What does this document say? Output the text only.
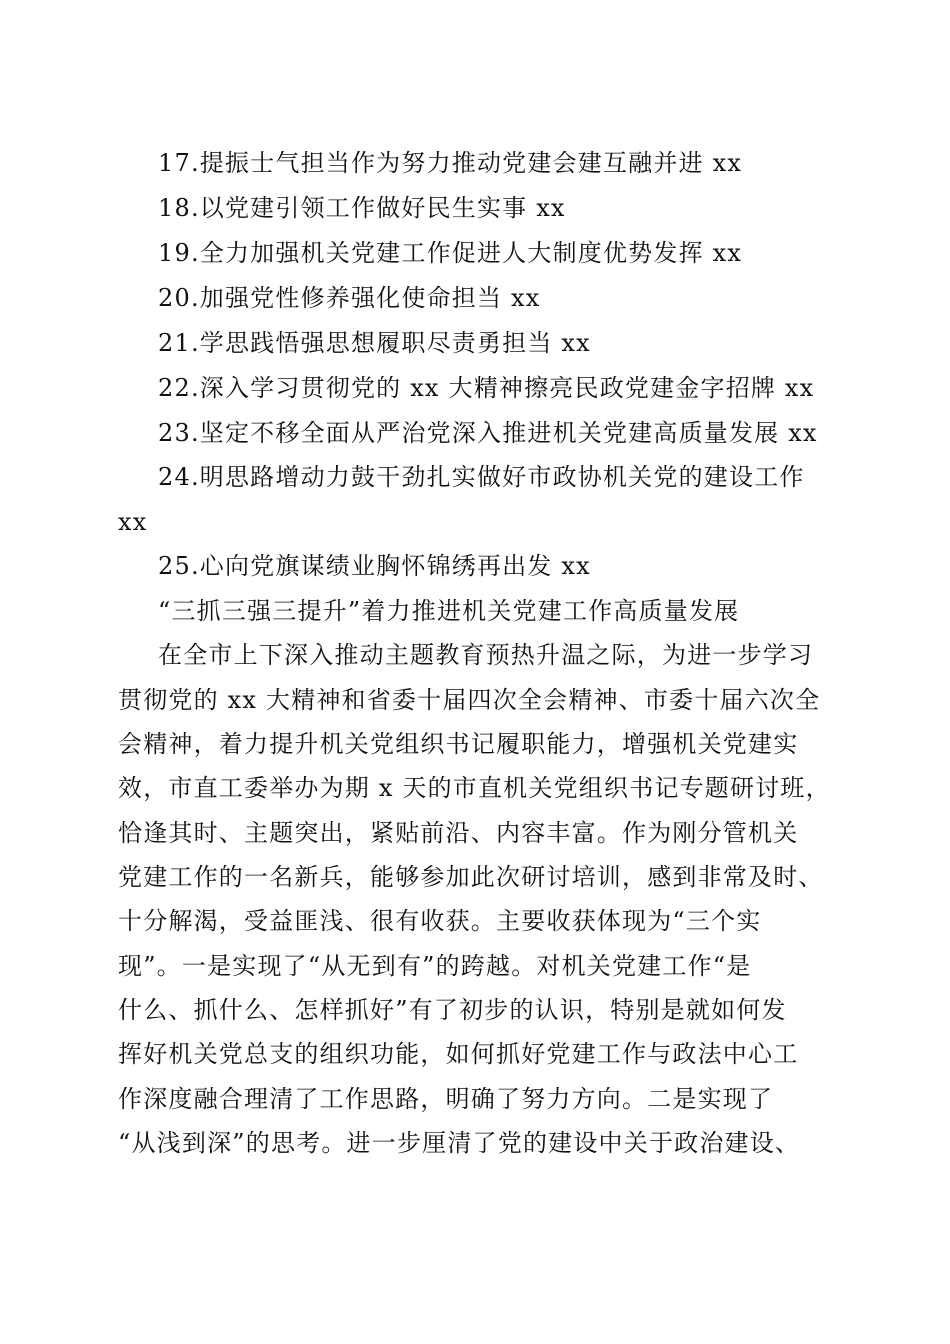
17.提振士气担当作为努力推动党建会建互融并进 xx
18.以党建引领工作做好民生实事 xx
19.全力加强机关党建工作促进人大制度优势发挥 xx
20.加强党性修养强化使命担当 xx
21.学思践悟强思想履职尽责勇担当 xx
22.深入学习贯彻党的 xx 大精神擦亮民政党建金字招牌 xx
23.坚定不移全面从严治党深入推进机关党建高质量发展 xx
24.明思路增动力鼓干劲扎实做好市政协机关党的建设工作
xx
25.心向党旗谋绩业胸怀锦绣再出发 xx
“三抓三强三提升”着力推进机关党建工作高质量发展
在全市上下深入推动主题教育预热升温之际，为进一步学习
贯彻党的 xx 大精神和省委十届四次全会精神、市委十届六次全
会精神，着力提升机关党组织书记履职能力，增强机关党建实
效，市直工委举办为期 x 天的市直机关党组织书记专题研讨班，
恰逢其时、主题突出，紧贴前沿、内容丰富。作为刚分管机关
党建工作的一名新兵，能够参加此次研讨培训，感到非常及时、
十分解渴，受益匪浅、很有收获。主要收获体现为“三个实
现”。一是实现了“从无到有”的跨越。对机关党建工作“是
什么、抓什么、怎样抓好”有了初步的认识，特别是就如何发
挥好机关党总支的组织功能，如何抓好党建工作与政法中心工
作深度融合理清了工作思路，明确了努力方向。二是实现了
“从浅到深”的思考。进一步厘清了党的建设中关于政治建设、
